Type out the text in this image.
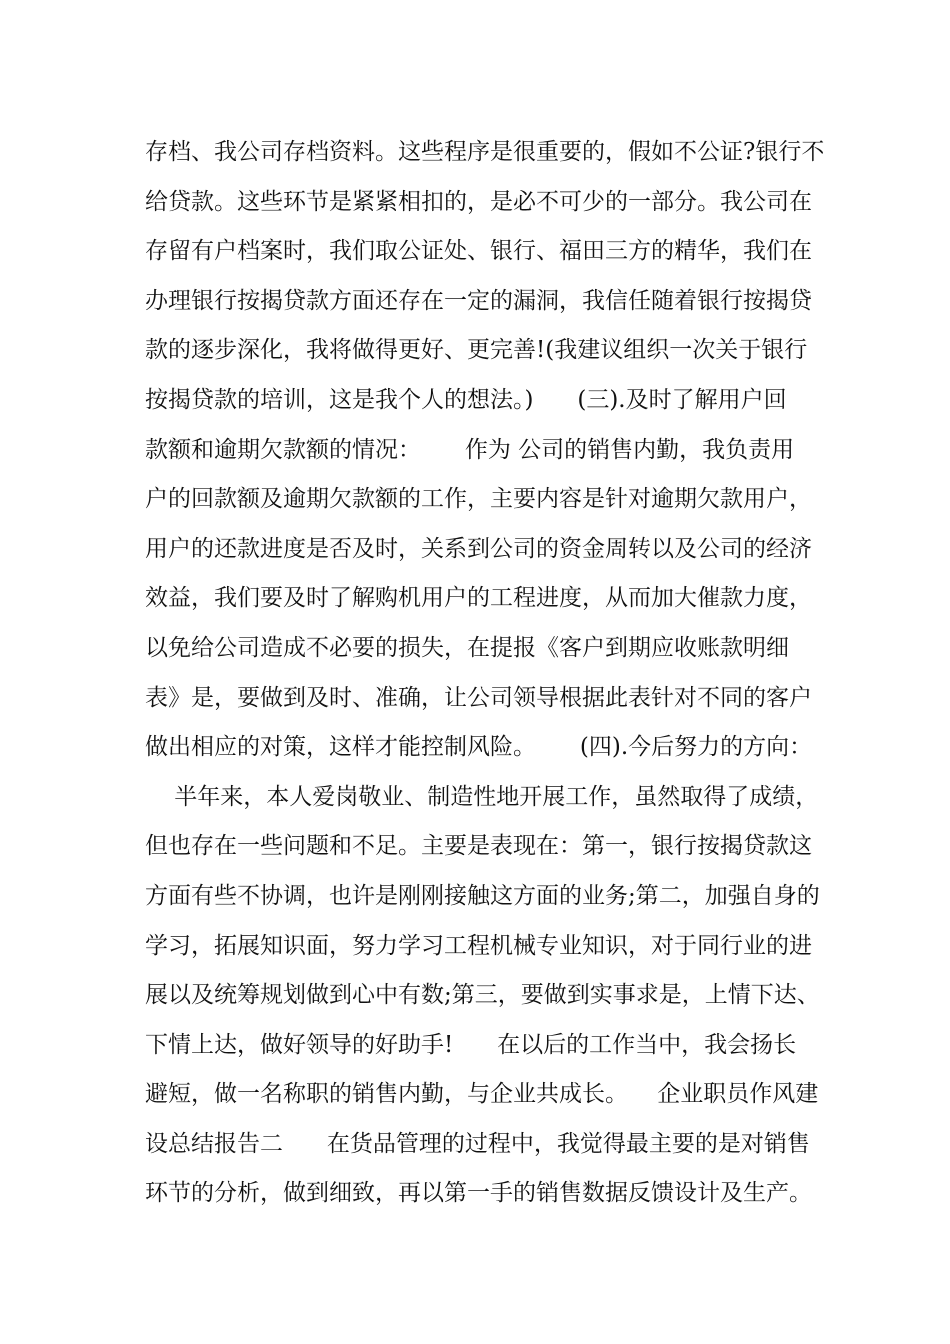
存档、我公司存档资料。这些程序是很重要的，假如不公证?银行不
给贷款。这些环节是紧紧相扣的，是必不可少的一部分。我公司在
存留有户档案时，我们取公证处、银行、福田三方的精华，我们在
办理银行按揭贷款方面还存在一定的漏洞，我信任随着银行按揭贷
款的逐步深化，我将做得更好、更完善!(我建议组织一次关于银行
按揭贷款的培训，这是我个人的想法。)      (三).及时了解用户回
款额和逾期欠款额的情况：      作为 公司的销售内勤，我负责用
户的回款额及逾期欠款额的工作，主要内容是针对逾期欠款用户，
用户的还款进度是否及时，关系到公司的资金周转以及公司的经济
效益，我们要及时了解购机用户的工程进度，从而加大催款力度，
以免给公司造成不必要的损失，在提报《客户到期应收账款明细
表》是，要做到及时、准确，让公司领导根据此表针对不同的客户
做出相应的对策，这样才能控制风险。      (四).今后努力的方向：
半年来，本人爱岗敬业、制造性地开展工作，虽然取得了成绩，
但也存在一些问题和不足。主要是表现在：第一，银行按揭贷款这
方面有些不协调，也许是刚刚接触这方面的业务;第二，加强自身的
学习，拓展知识面，努力学习工程机械专业知识，对于同行业的进
展以及统筹规划做到心中有数;第三，要做到实事求是，上情下达、
下情上达，做好领导的好助手!      在以后的工作当中，我会扬长
避短，做一名称职的销售内勤，与企业共成长。    企业职员作风建
设总结报告二      在货品管理的过程中，我觉得最主要的是对销售
环节的分析，做到细致，再以第一手的销售数据反馈设计及生产。
